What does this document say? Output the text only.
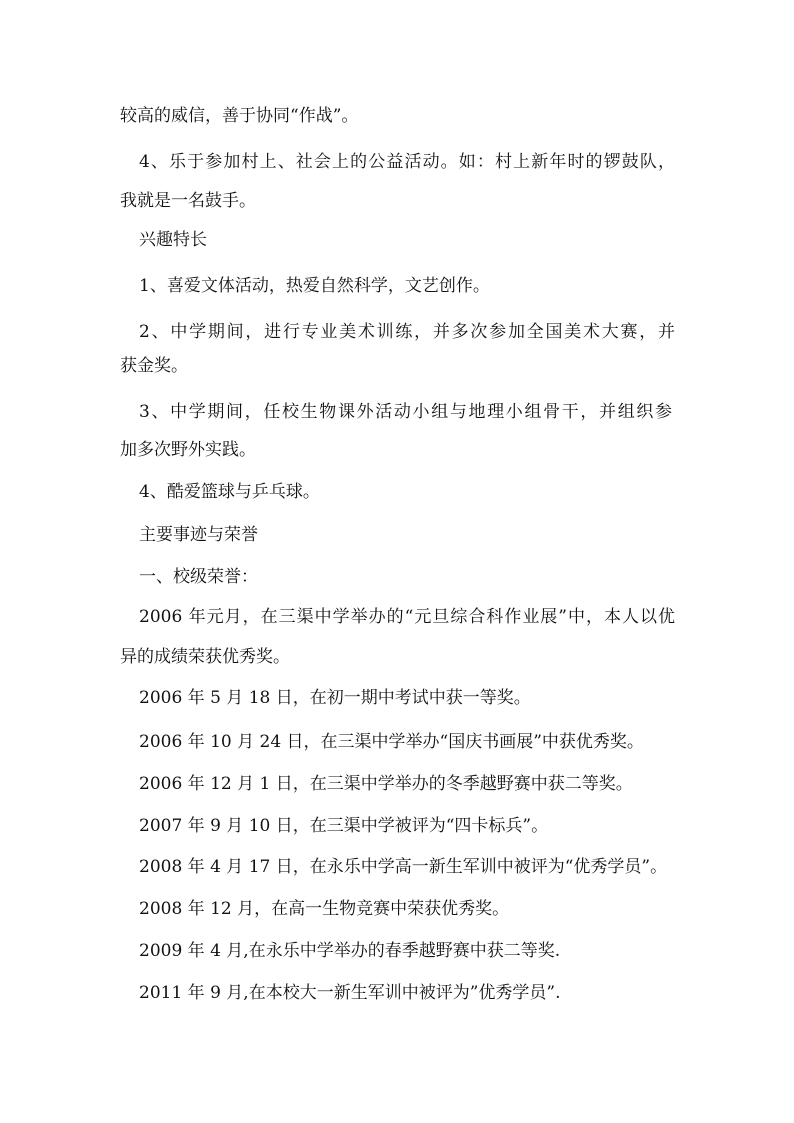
较高的威信，善于协同“作战”。
4、乐于参加村上、社会上的公益活动。如：村上新年时的锣鼓队，
我就是一名鼓手。
兴趣特长
1、喜爱文体活动，热爱自然科学，文艺创作。
2、中学期间，进行专业美术训练，并多次参加全国美术大赛，并
获金奖。
3、中学期间，任校生物课外活动小组与地理小组骨干，并组织参
加多次野外实践。
4、酷爱篮球与乒乓球。
主要事迹与荣誉
一、校级荣誉：
2006 年元月，在三渠中学举办的“元旦综合科作业展”中，本人以优
异的成绩荣获优秀奖。
2006 年 5 月 18 日，在初一期中考试中获一等奖。
2006 年 10 月 24 日，在三渠中学举办“国庆书画展”中获优秀奖。
2006 年 12 月 1 日，在三渠中学举办的冬季越野赛中获二等奖。
2007 年 9 月 10 日，在三渠中学被评为“四卡标兵”。
2008 年 4 月 17 日，在永乐中学高一新生军训中被评为“优秀学员”。
2008 年 12 月，在高一生物竞赛中荣获优秀奖。
2009 年 4 月,在永乐中学举办的春季越野赛中获二等奖.
2011 年 9 月,在本校大一新生军训中被评为”优秀学员”.
